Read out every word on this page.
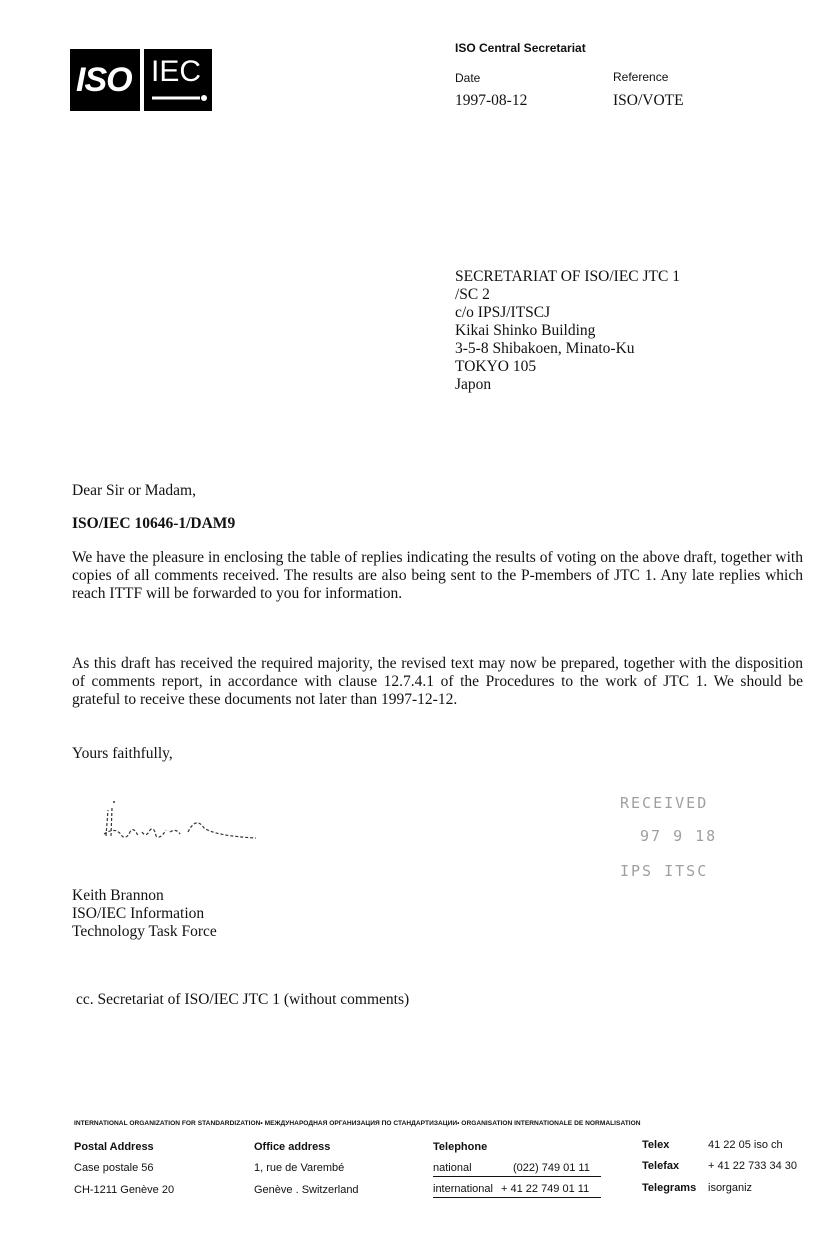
ISO IEC
ISO Central Secretariat
Date
1997-08-12
Reference
ISO/VOTE
SECRETARIAT OF ISO/IEC JTC 1
/SC 2
c/o IPSJ/ITSCJ
Kikai Shinko Building
3-5-8 Shibakoen, Minato-Ku
TOKYO 105
Japon
Dear Sir or Madam,
ISO/IEC 10646-1/DAM9
We have the pleasure in enclosing the table of replies indicating the results of voting on the above draft, together with copies of all comments received. The results are also being sent to the P-members of JTC 1. Any late replies which reach ITTF will be forwarded to you for information.
As this draft has received the required majority, the revised text may now be prepared, together with the disposition of comments report, in accordance with clause 12.7.4.1 of the Procedures to the work of JTC 1. We should be grateful to receive these documents not later than 1997-12-12.
Yours faithfully,
RECEIVED
97 9 18
IPS ITSC
Keith Brannon
ISO/IEC Information
Technology Task Force
cc. Secretariat of ISO/IEC JTC 1 (without comments)
INTERNATIONAL ORGANIZATION FOR STANDARDIZATION• МЕЖДУНАРОДНАЯ ОРГАНИЗАЦИЯ ПО СТАНДАРТИЗАЦИИ• ORGANISATION INTERNATIONALE DE NORMALISATION
Postal Address
Case postale 56
CH-1211 Genève 20
Office address
1, rue de Varembé
Genève . Switzerland
Telephone
national	(022) 749 01 11
international + 41 22 749 01 11
Telex	41 22 05 iso ch
Telefax	+ 41 22 733 34 30
Telegrams isorganiz
